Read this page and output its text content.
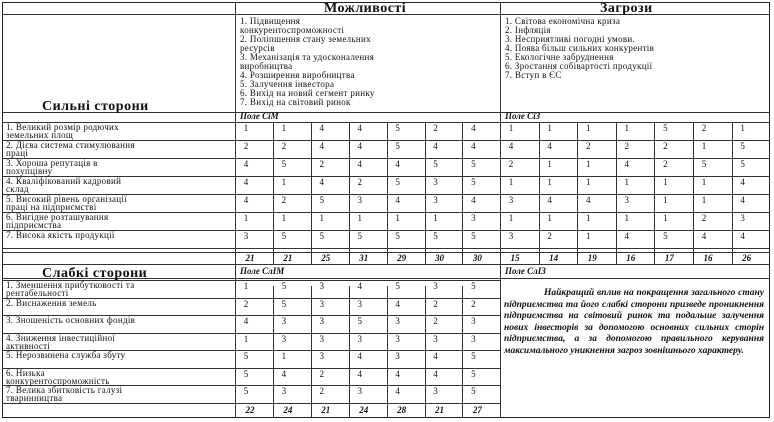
Можливості	Загрози
Сильні сторони
Слабкі сторони
1. Підвищення
конкурентоспроможності
2. Поліпшення стану земельних
ресурсів
3. Механізація та удосконалення
виробництва
4. Розширення виробництва
5. Залучення інвестора
6. Вихід на новий сегмент ринку
7. Вихід на світовий ринок
1. Світова економічна криза
2. Інфляція
3. Несприятливі погодні умови.
4. Поява більш сильних конкурентів
5. Екологічне забруднення
6. Зростання собівартості продукції
7. Вступ в ЄС
Поле СіМ	Поле СіЗ
Поле СлІМ	Поле СлІЗ
1. Великий розмір родючих
земельних площ
1	1	4	4	5	2	4	1	1	1	1	5	2	1
2. Дієва система стимулювання
праці
2	2	4	4	5	4	4	4	4	2	2	2	1	5
3. Хороша репутація в
похупцівну
4	5	2	4	4	5	5	2	1	1	4	2	5	5
4. Кваліфікований кадровий
склад
4	1	4	2	5	3	5	1	1	1	1	1	1	4
5. Високий рівень організації
праці на підприємстві
4	2	5	3	4	3	4	3	4	4	3	1	1	4
6. Вигідне розташування
підприємства
1	1	1	1	1	1	3	1	1	1	1	1	2	3
7. Висока якість продукції	3	5	5	5	5	5	5	3	2	1	4	5	4	4
21	21	25	31	29	30	30	15	14	19	16	17	16	26
1. Зменшення прибутковості та
рентабельності
1	5	3	4	5	3	5
2. Виснаження земель	2	5	3	3	4	2	2
3. Зношеність основних фондів	4	3	3	5	3	2	3
4. Зниження інвестиційної
активності
1	3	3	3	3	3	3
5. Нерозвинена служба збуту	5	1	3	4	3	4	5
6. Низька
конкурентоспроможність
5	4	2	4	4	4	5
7. Велика збитковість галузі
тваринництва
5	3	2	3	4	3	5
22	24	21	24	28	21	27
Найкращий вплив на покращення загального стану підприємства та його слабкі сторони призведе проникнення підприємства на світовий ринок та подальше залучення нових інвесторів за допомогою основних сильних сторін підприємства, а за допомогою правильного керування максимального уникнення загроз зовнішнього характеру.
